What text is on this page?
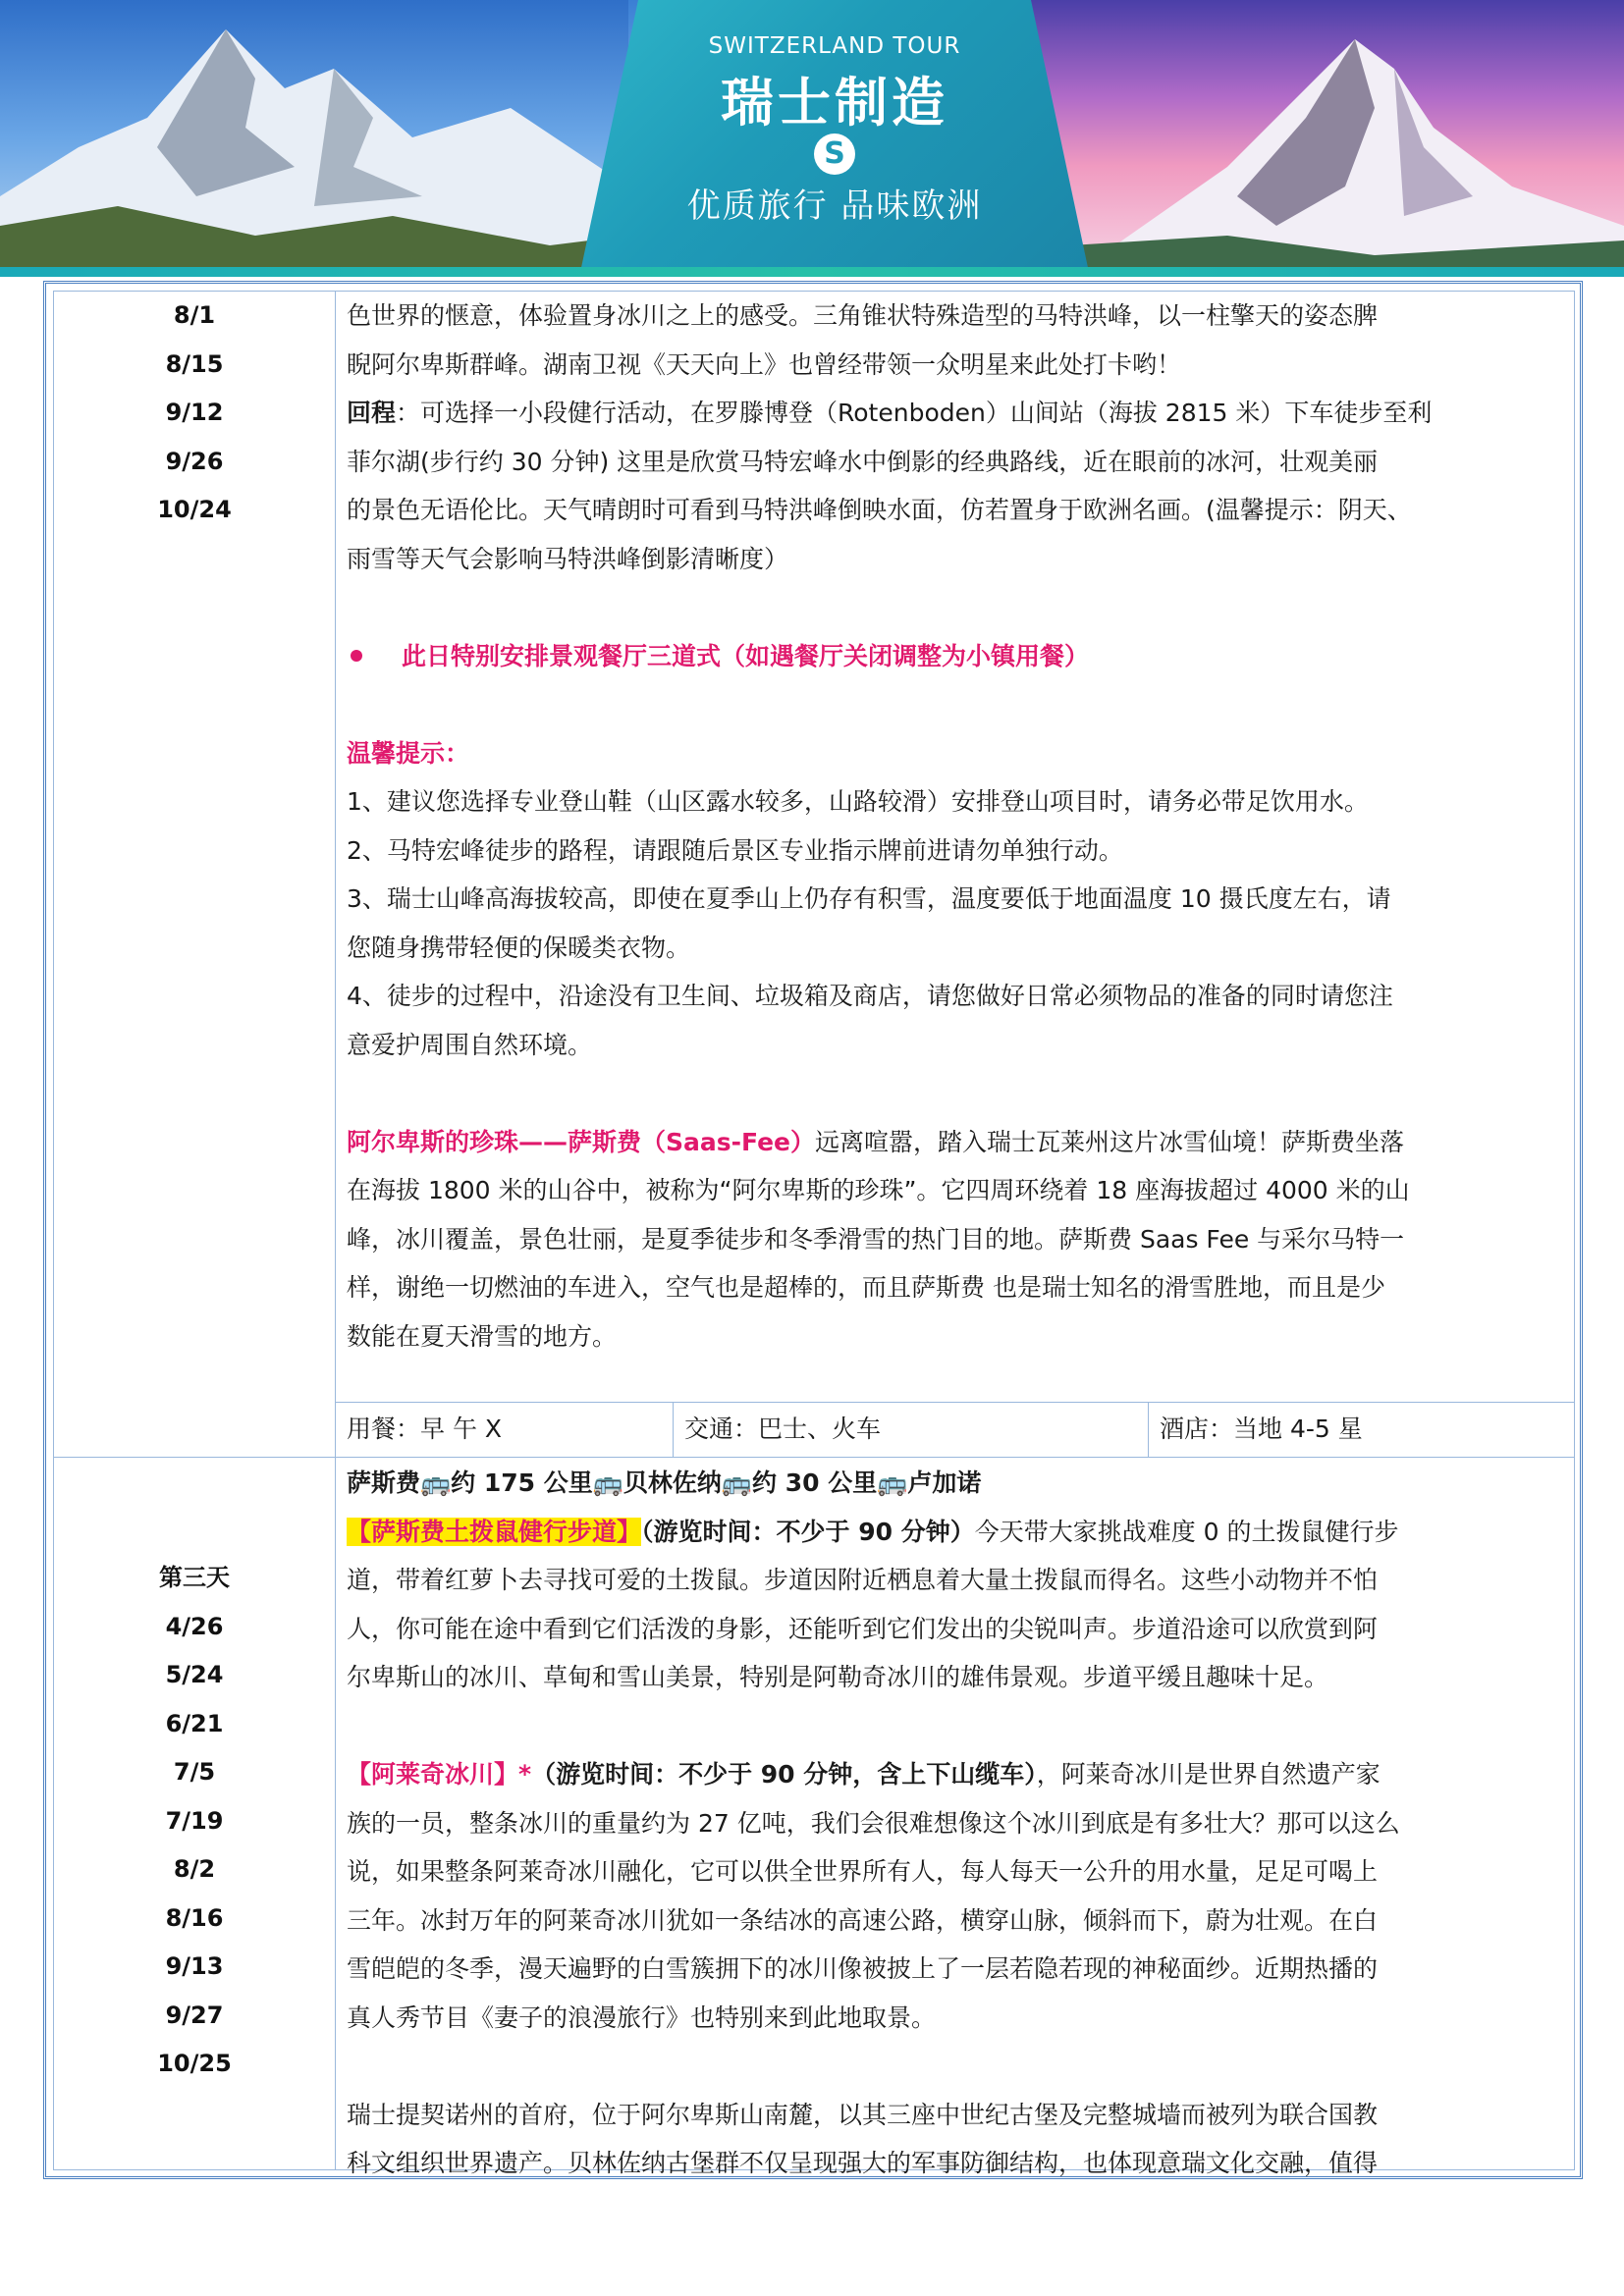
SWITZERLAND TOUR
瑞士制造
S
优质旅行 品味欧洲
8/1
8/15
9/12
9/26
10/24

色世界的惬意，体验置身冰川之上的感受。三角锥状特殊造型的马特洪峰，以一柱擎天的姿态脾

睨阿尔卑斯群峰。湖南卫视《天天向上》也曾经带领一众明星来此处打卡哟！

回程：可选择一小段健行活动，在罗滕博登（Rotenboden）山间站（海拔 2815 米）下车徒步至利

菲尔湖(步行约 30 分钟) 这里是欣赏马特宏峰水中倒影的经典路线，近在眼前的冰河，壮观美丽

的景色无语伦比。天气晴朗时可看到马特洪峰倒映水面，仿若置身于欧洲名画。(温馨提示：阴天、

雨雪等天气会影响马特洪峰倒影清晰度）

此日特别安排景观餐厅三道式（如遇餐厅关闭调整为小镇用餐）

温馨提示：

1、建议您选择专业登山鞋（山区露水较多，山路较滑）安排登山项目时，请务必带足饮用水。

2、马特宏峰徒步的路程，请跟随后景区专业指示牌前进请勿单独行动。

3、瑞士山峰高海拔较高，即使在夏季山上仍存有积雪，温度要低于地面温度 10 摄氏度左右，请

您随身携带轻便的保暖类衣物。

4、徒步的过程中，沿途没有卫生间、垃圾箱及商店，请您做好日常必须物品的准备的同时请您注

意爱护周围自然环境。

阿尔卑斯的珍珠——萨斯费（Saas-Fee）远离喧嚣，踏入瑞士瓦莱州这片冰雪仙境！萨斯费坐落

在海拔 1800 米的山谷中，被称为“阿尔卑斯的珍珠”。它四周环绕着 18 座海拔超过 4000 米的山

峰，冰川覆盖，景色壮丽，是夏季徒步和冬季滑雪的热门目的地。萨斯费 Saas Fee 与采尔马特一

样，谢绝一切燃油的车进入，空气也是超棒的，而且萨斯费 也是瑞士知名的滑雪胜地，而且是少

数能在夏天滑雪的地方。

用餐：早 午 X	交通：巴士、火车	酒店：当地 4-5 星
第三天
4/26
5/24
6/21
7/5
7/19
8/2
8/16
9/13
9/27
10/25

萨斯费🚌约 175 公里🚌贝林佐纳🚌约 30 公里🚌卢加诺

【萨斯费土拨鼠健行步道】（游览时间：不少于 90 分钟）今天带大家挑战难度 0 的土拨鼠健行步

道，带着红萝卜去寻找可爱的土拨鼠。步道因附近栖息着大量土拨鼠而得名。这些小动物并不怕

人，你可能在途中看到它们活泼的身影，还能听到它们发出的尖锐叫声。步道沿途可以欣赏到阿

尔卑斯山的冰川、草甸和雪山美景，特别是阿勒奇冰川的雄伟景观。步道平缓且趣味十足。

【阿莱奇冰川】*（游览时间：不少于 90 分钟，含上下山缆车），阿莱奇冰川是世界自然遗产家

族的一员，整条冰川的重量约为 27 亿吨，我们会很难想像这个冰川到底是有多壮大？那可以这么

说，如果整条阿莱奇冰川融化，它可以供全世界所有人，每人每天一公升的用水量，足足可喝上

三年。冰封万年的阿莱奇冰川犹如一条结冰的高速公路，横穿山脉，倾斜而下，蔚为壮观。在白

雪皑皑的冬季，漫天遍野的白雪簇拥下的冰川像被披上了一层若隐若现的神秘面纱。近期热播的

真人秀节目《妻子的浪漫旅行》也特别来到此地取景。

瑞士提契诺州的首府，位于阿尔卑斯山南麓，以其三座中世纪古堡及完整城墙而被列为联合国教

科文组织世界遗产。贝林佐纳古堡群不仅呈现强大的军事防御结构，也体现意瑞文化交融，值得
